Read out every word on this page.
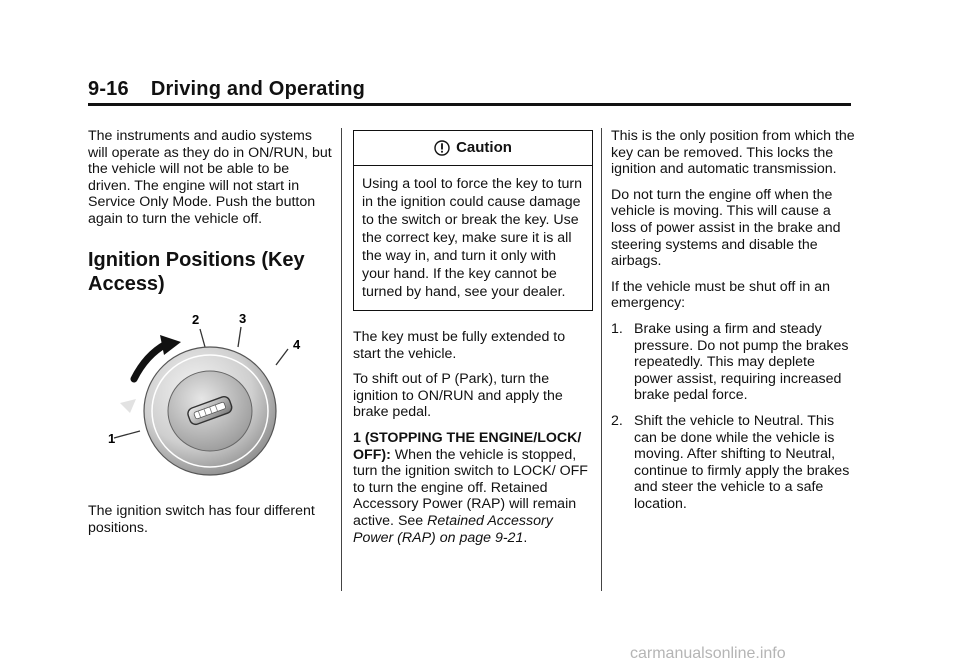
9-16 Driving and Operating

The instruments and audio systems will operate as they do in ON/RUN, but the vehicle will not be able to be driven. The engine will not start in Service Only Mode. Push the button again to turn the vehicle off.

Ignition Positions (Key Access)
2	3
4
1
The ignition switch has four different positions.
Caution
Using a tool to force the key to turn in the ignition could cause damage to the switch or break the key. Use the correct key, make sure it is all the way in, and turn it only with your hand. If the key cannot be turned by hand, see your dealer.

The key must be fully extended to start the vehicle.

To shift out of P (Park), turn the ignition to ON/RUN and apply the brake pedal.

1 (STOPPING THE ENGINE/LOCK/ OFF): When the vehicle is stopped, turn the ignition switch to LOCK/ OFF to turn the engine off. Retained Accessory Power (RAP) will remain active. See Retained Accessory Power (RAP) on page 9-21.

This is the only position from which the key can be removed. This locks the ignition and automatic transmission.

Do not turn the engine off when the vehicle is moving. This will cause a loss of power assist in the brake and steering systems and disable the airbags.

If the vehicle must be shut off in an emergency:

1. Brake using a firm and steady pressure. Do not pump the brakes repeatedly. This may deplete power assist, requiring increased brake pedal force.
2. Shift the vehicle to Neutral. This can be done while the vehicle is moving. After shifting to Neutral, continue to firmly apply the brakes and steer the vehicle to a safe location.
carmanualsonline.info
